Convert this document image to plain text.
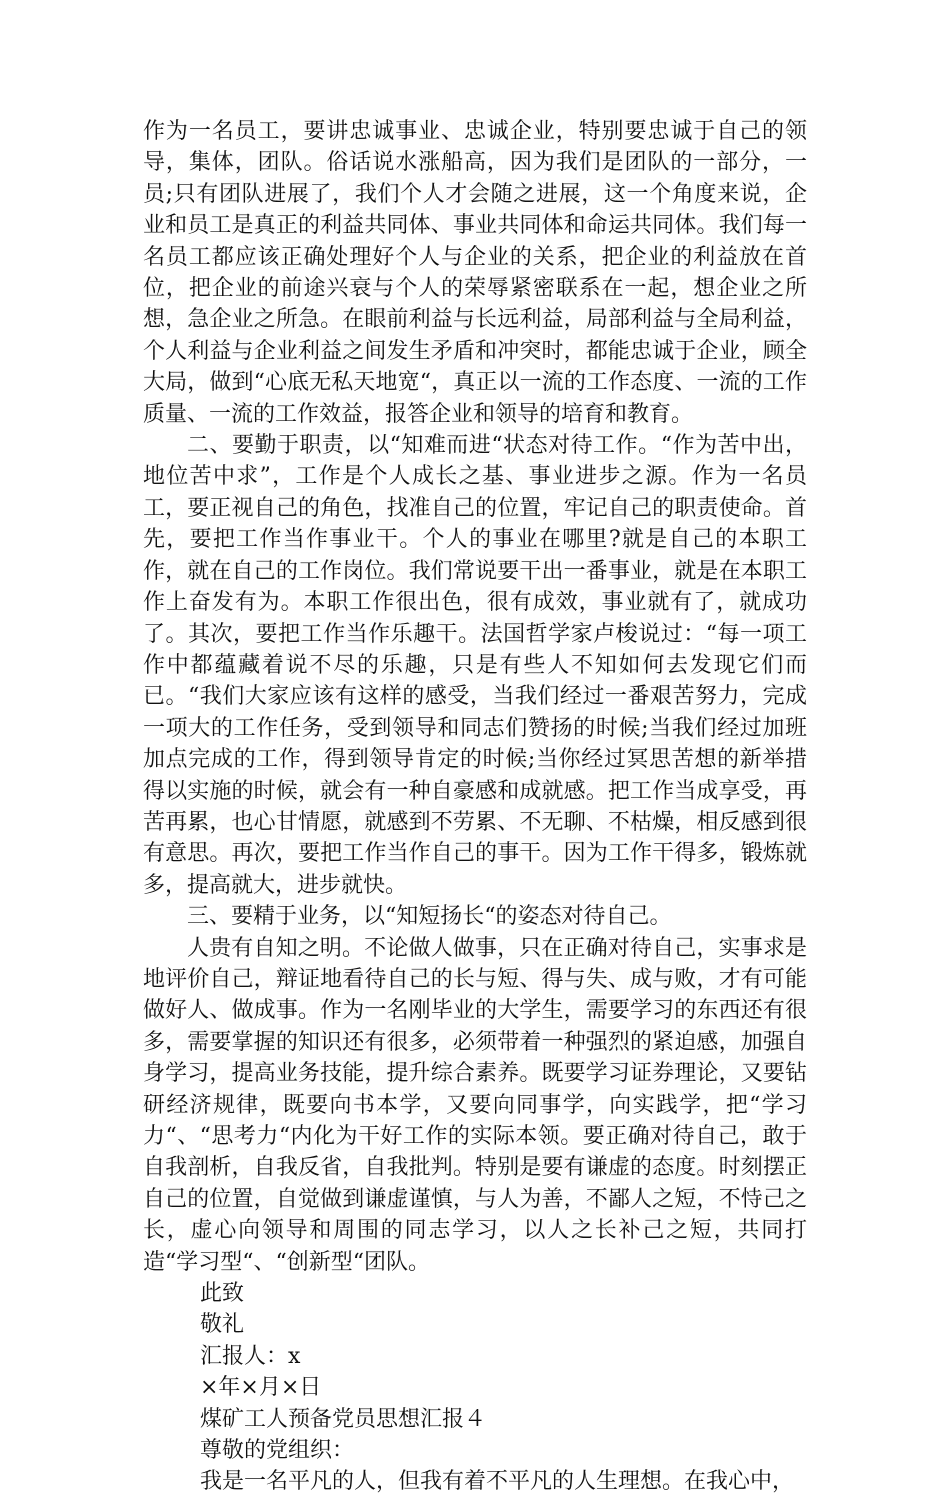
作为一名员工，要讲忠诚事业、忠诚企业，特别要忠诚于自己的领导，集体，团队。俗话说水涨船高，因为我们是团队的一部分，一员;只有团队进展了，我们个人才会随之进展，这一个角度来说，企业和员工是真正的利益共同体、事业共同体和命运共同体。我们每一名员工都应该正确处理好个人与企业的关系，把企业的利益放在首位，把企业的前途兴衰与个人的荣辱紧密联系在一起，想企业之所想，急企业之所急。在眼前利益与长远利益，局部利益与全局利益，个人利益与企业利益之间发生矛盾和冲突时，都能忠诚于企业，顾全大局，做到“心底无私天地宽“，真正以一流的工作态度、一流的工作质量、一流的工作效益，报答企业和领导的培育和教育。

二、要勤于职责，以“知难而进“状态对待工作。“作为苦中出，地位苦中求”，工作是个人成长之基、事业进步之源。作为一名员工，要正视自己的角色，找准自己的位置，牢记自己的职责使命。首先，要把工作当作事业干。个人的事业在哪里?就是自己的本职工作，就在自己的工作岗位。我们常说要干出一番事业，就是在本职工作上奋发有为。本职工作很出色，很有成效，事业就有了，就成功了。其次，要把工作当作乐趣干。法国哲学家卢梭说过：“每一项工作中都蕴藏着说不尽的乐趣，只是有些人不知如何去发现它们而已。“我们大家应该有这样的感受，当我们经过一番艰苦努力，完成一项大的工作任务，受到领导和同志们赞扬的时候;当我们经过加班加点完成的工作，得到领导肯定的时候;当你经过冥思苦想的新举措得以实施的时候，就会有一种自豪感和成就感。把工作当成享受，再苦再累，也心甘情愿，就感到不劳累、不无聊、不枯燥，相反感到很有意思。再次，要把工作当作自己的事干。因为工作干得多，锻炼就多，提高就大，进步就快。

三、要精于业务，以“知短扬长“的姿态对待自己。

人贵有自知之明。不论做人做事，只在正确对待自己，实事求是地评价自己，辩证地看待自己的长与短、得与失、成与败，才有可能做好人、做成事。作为一名刚毕业的大学生，需要学习的东西还有很多，需要掌握的知识还有很多，必须带着一种强烈的紧迫感，加强自身学习，提高业务技能，提升综合素养。既要学习证券理论，又要钻研经济规律，既要向书本学，又要向同事学，向实践学，把“学习力“、“思考力“内化为干好工作的实际本领。要正确对待自己，敢于自我剖析，自我反省，自我批判。特别是要有谦虚的态度。时刻摆正自己的位置，自觉做到谦虚谨慎，与人为善，不鄙人之短，不恃己之长，虚心向领导和周围的同志学习，以人之长补己之短，共同打造“学习型“、“创新型“团队。

此致

敬礼

汇报人：x

×年×月×日

煤矿工人预备党员思想汇报４

尊敬的党组织：

我是一名平凡的人，但我有着不平凡的人生理想。在我心中，
